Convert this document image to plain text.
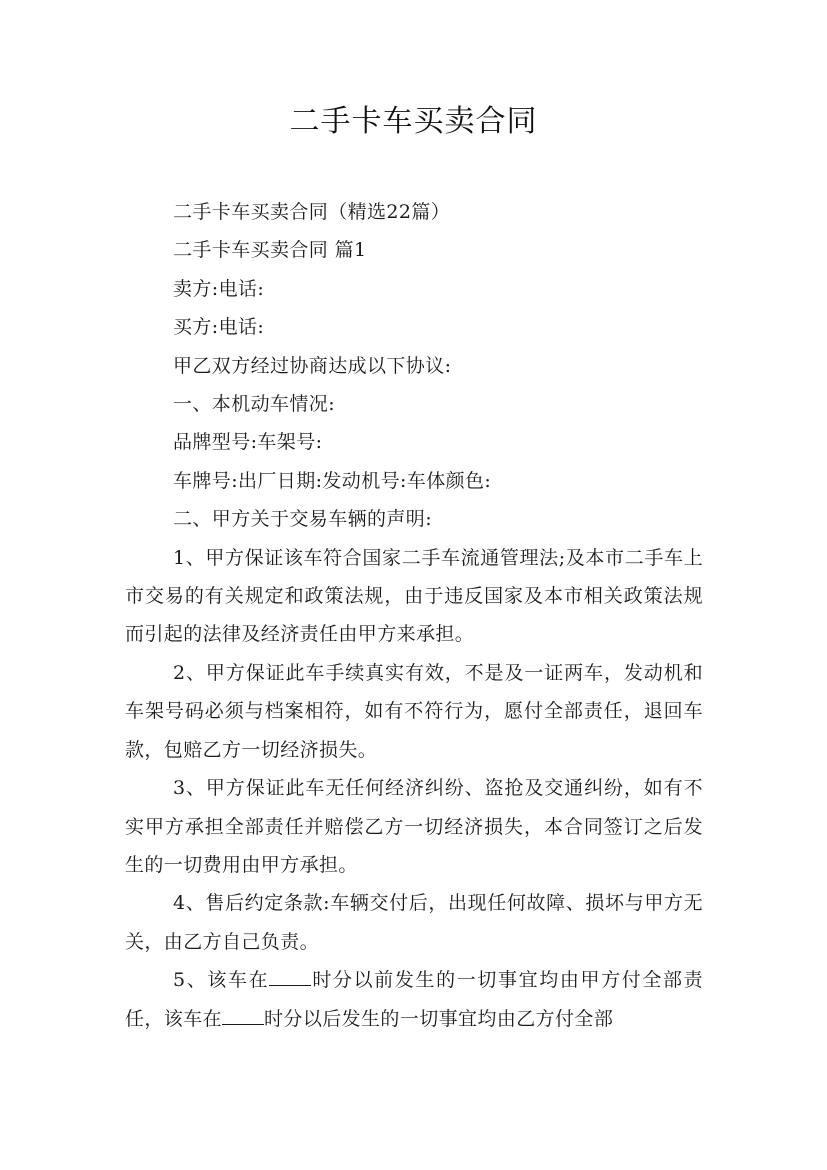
二手卡车买卖合同

二手卡车买卖合同（精选22篇）

二手卡车买卖合同 篇1

卖方:电话:

买方:电话:

甲乙双方经过协商达成以下协议:

一、本机动车情况:

品牌型号:车架号:

车牌号:出厂日期:发动机号:车体颜色:

二、甲方关于交易车辆的声明:

1、甲方保证该车符合国家二手车流通管理法;及本市二手车上市交易的有关规定和政策法规，由于违反国家及本市相关政策法规而引起的法律及经济责任由甲方来承担。

2、甲方保证此车手续真实有效，不是及一证两车，发动机和车架号码必须与档案相符，如有不符行为，愿付全部责任，退回车款，包赔乙方一切经济损失。

3、甲方保证此车无任何经济纠纷、盗抢及交通纠纷，如有不实甲方承担全部责任并赔偿乙方一切经济损失，本合同签订之后发生的一切费用由甲方承担。

4、售后约定条款:车辆交付后，出现任何故障、损坏与甲方无关，由乙方自己负责。

5、该车在 时分以前发生的一切事宜均由甲方付全部责任，该车在 时分以后发生的一切事宜均由乙方付全部
